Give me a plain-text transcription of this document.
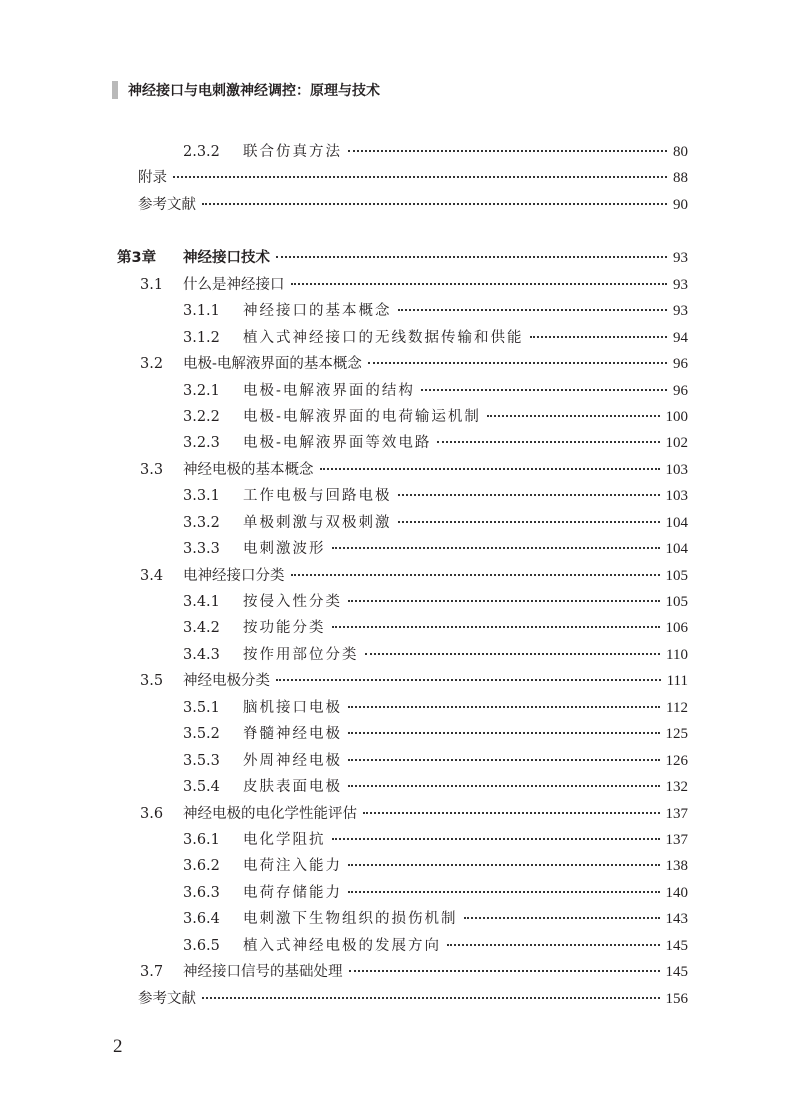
神经接口与电刺激神经调控：原理与技术
2.3.2	联合仿真方法	80
附录	88
参考文献	90
第3章	神经接口技术	93
3.1	什么是神经接口	93
3.1.1	神经接口的基本概念	93
3.1.2	植入式神经接口的无线数据传输和供能	94
3.2	电极-电解液界面的基本概念	96
3.2.1	电极-电解液界面的结构	96
3.2.2	电极-电解液界面的电荷输运机制	100
3.2.3	电极-电解液界面等效电路	102
3.3	神经电极的基本概念	103
3.3.1	工作电极与回路电极	103
3.3.2	单极刺激与双极刺激	104
3.3.3	电刺激波形	104
3.4	电神经接口分类	105
3.4.1	按侵入性分类	105
3.4.2	按功能分类	106
3.4.3	按作用部位分类	110
3.5	神经电极分类	111
3.5.1	脑机接口电极	112
3.5.2	脊髓神经电极	125
3.5.3	外周神经电极	126
3.5.4	皮肤表面电极	132
3.6	神经电极的电化学性能评估	137
3.6.1	电化学阻抗	137
3.6.2	电荷注入能力	138
3.6.3	电荷存储能力	140
3.6.4	电刺激下生物组织的损伤机制	143
3.6.5	植入式神经电极的发展方向	145
3.7	神经接口信号的基础处理	145
参考文献	156
2
